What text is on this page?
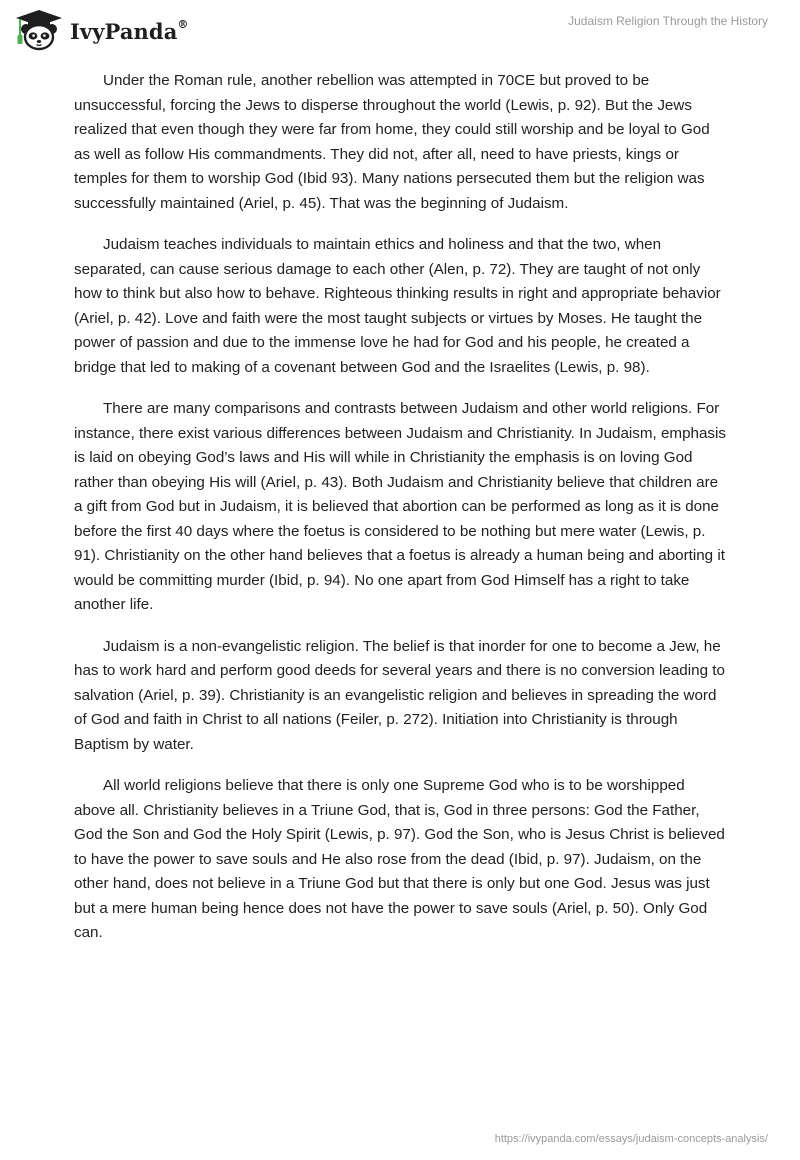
IvyPanda®	Judaism Religion Through the History

Under the Roman rule, another rebellion was attempted in 70CE but proved to be unsuccessful, forcing the Jews to disperse throughout the world (Lewis, p. 92). But the Jews realized that even though they were far from home, they could still worship and be loyal to God as well as follow His commandments. They did not, after all, need to have priests, kings or temples for them to worship God (Ibid 93). Many nations persecuted them but the religion was successfully maintained (Ariel, p. 45). That was the beginning of Judaism.

Judaism teaches individuals to maintain ethics and holiness and that the two, when separated, can cause serious damage to each other (Alen, p. 72). They are taught of not only how to think but also how to behave. Righteous thinking results in right and appropriate behavior (Ariel, p. 42). Love and faith were the most taught subjects or virtues by Moses. He taught the power of passion and due to the immense love he had for God and his people, he created a bridge that led to making of a covenant between God and the Israelites (Lewis, p. 98).

There are many comparisons and contrasts between Judaism and other world religions. For instance, there exist various differences between Judaism and Christianity. In Judaism, emphasis is laid on obeying God’s laws and His will while in Christianity the emphasis is on loving God rather than obeying His will (Ariel, p. 43). Both Judaism and Christianity believe that children are a gift from God but in Judaism, it is believed that abortion can be performed as long as it is done before the first 40 days where the foetus is considered to be nothing but mere water (Lewis, p. 91). Christianity on the other hand believes that a foetus is already a human being and aborting it would be committing murder (Ibid, p. 94). No one apart from God Himself has a right to take another life.

Judaism is a non-evangelistic religion. The belief is that inorder for one to become a Jew, he has to work hard and perform good deeds for several years and there is no conversion leading to salvation (Ariel, p. 39). Christianity is an evangelistic religion and believes in spreading the word of God and faith in Christ to all nations (Feiler, p. 272). Initiation into Christianity is through Baptism by water.

All world religions believe that there is only one Supreme God who is to be worshipped above all. Christianity believes in a Triune God, that is, God in three persons: God the Father, God the Son and God the Holy Spirit (Lewis, p. 97). God the Son, who is Jesus Christ is believed to have the power to save souls and He also rose from the dead (Ibid, p. 97). Judaism, on the other hand, does not believe in a Triune God but that there is only but one God. Jesus was just but a mere human being hence does not have the power to save souls (Ariel, p. 50). Only God can.

https://ivypanda.com/essays/judaism-concepts-analysis/
